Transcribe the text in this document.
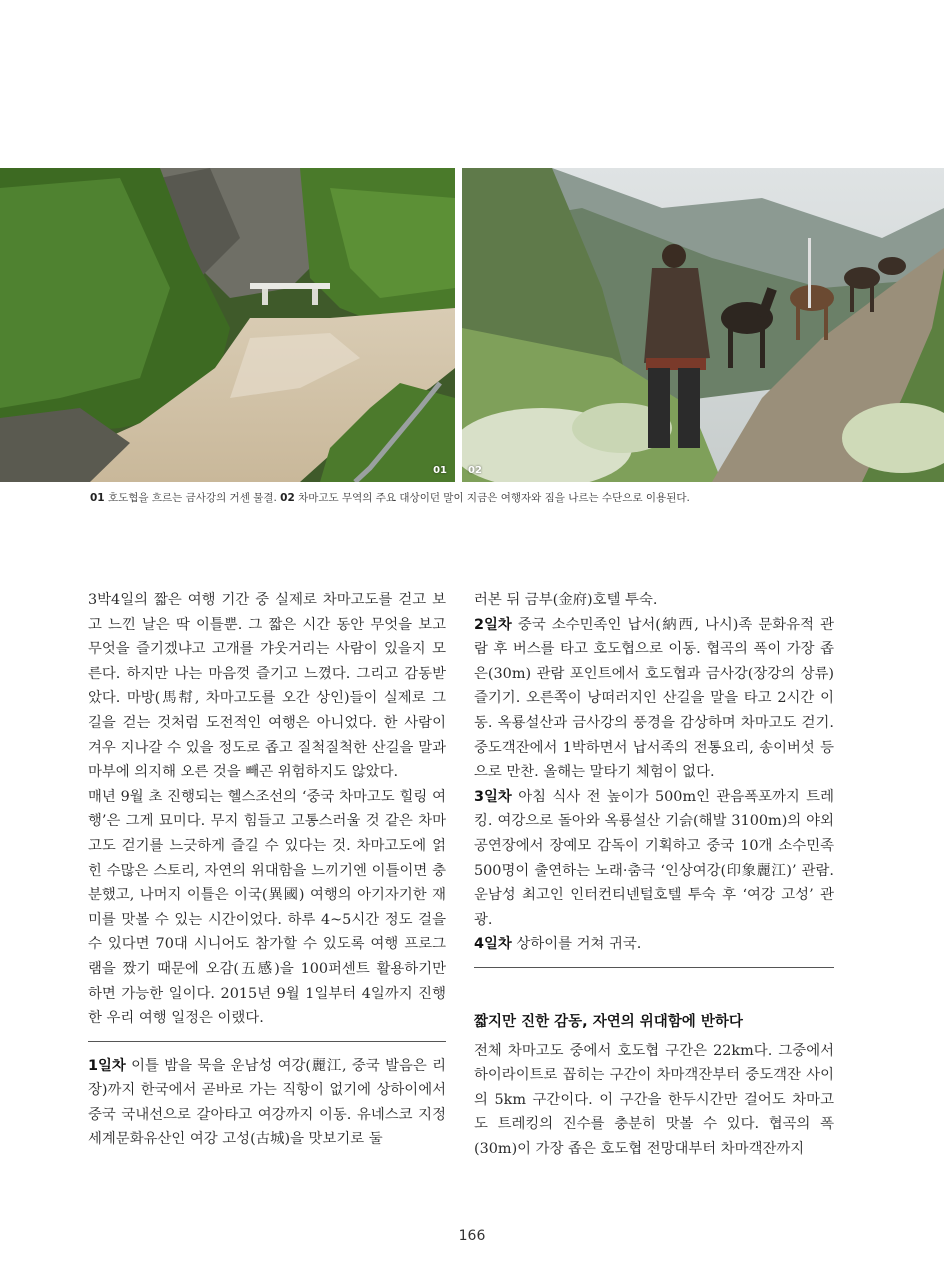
01 02
01 호도협을 흐르는 금사강의 거센 물결. 02 차마고도 무역의 주요 대상이던 말이 지금은 여행자와 짐을 나르는 수단으로 이용된다.

3박4일의 짧은 여행 기간 중 실제로 차마고도를 걷고 보고 느낀 날은 딱 이틀뿐. 그 짧은 시간 동안 무엇을 보고 무엇을 즐기겠냐고 고개를 갸웃거리는 사람이 있을지 모른다. 하지만 나는 마음껏 즐기고 느꼈다. 그리고 감동받았다. 마방(馬幇, 차마고도를 오간 상인)들이 실제로 그 길을 걷는 것처럼 도전적인 여행은 아니었다. 한 사람이 겨우 지나갈 수 있을 정도로 좁고 질척질척한 산길을 말과 마부에 의지해 오른 것을 빼곤 위험하지도 않았다.

매년 9월 초 진행되는 헬스조선의 ‘중국 차마고도 힐링 여행’은 그게 묘미다. 무지 힘들고 고통스러울 것 같은 차마고도 걷기를 느긋하게 즐길 수 있다는 것. 차마고도에 얽힌 수많은 스토리, 자연의 위대함을 느끼기엔 이틀이면 충분했고, 나머지 이틀은 이국(異國) 여행의 아기자기한 재미를 맛볼 수 있는 시간이었다. 하루 4~5시간 정도 걸을 수 있다면 70대 시니어도 참가할 수 있도록 여행 프로그램을 짰기 때문에 오감(五感)을 100퍼센트 활용하기만 하면 가능한 일이다. 2015년 9월 1일부터 4일까지 진행한 우리 여행 일정은 이랬다.

1일차 이틀 밤을 묵을 운남성 여강(麗江, 중국 발음은 리장)까지 한국에서 곧바로 가는 직항이 없기에 상하이에서 중국 국내선으로 갈아타고 여강까지 이동. 유네스코 지정 세계문화유산인 여강 고성(古城)을 맛보기로 둘

러본 뒤 금부(金府)호텔 투숙.

2일차 중국 소수민족인 납서(納西, 나시)족 문화유적 관람 후 버스를 타고 호도협으로 이동. 협곡의 폭이 가장 좁은(30m) 관람 포인트에서 호도협과 금사강(장강의 상류) 즐기기. 오른쪽이 낭떠러지인 산길을 말을 타고 2시간 이동. 옥룡설산과 금사강의 풍경을 감상하며 차마고도 걷기. 중도객잔에서 1박하면서 납서족의 전통요리, 송이버섯 등으로 만찬. 올해는 말타기 체험이 없다.

3일차 아침 식사 전 높이가 500m인 관음폭포까지 트레킹. 여강으로 돌아와 옥룡설산 기슭(해발 3100m)의 야외 공연장에서 장예모 감독이 기획하고 중국 10개 소수민족 500명이 출연하는 노래·춤극 ‘인상여강(印象麗江)’ 관람. 운남성 최고인 인터컨티넨털호텔 투숙 후 ‘여강 고성’ 관광.

4일차 상하이를 거쳐 귀국.

짧지만 진한 감동, 자연의 위대함에 반하다

전체 차마고도 중에서 호도협 구간은 22km다. 그중에서 하이라이트로 꼽히는 구간이 차마객잔부터 중도객잔 사이의 5km 구간이다. 이 구간을 한두시간만 걸어도 차마고도 트레킹의 진수를 충분히 맛볼 수 있다. 협곡의 폭(30m)이 가장 좁은 호도협 전망대부터 차마객잔까지

166
